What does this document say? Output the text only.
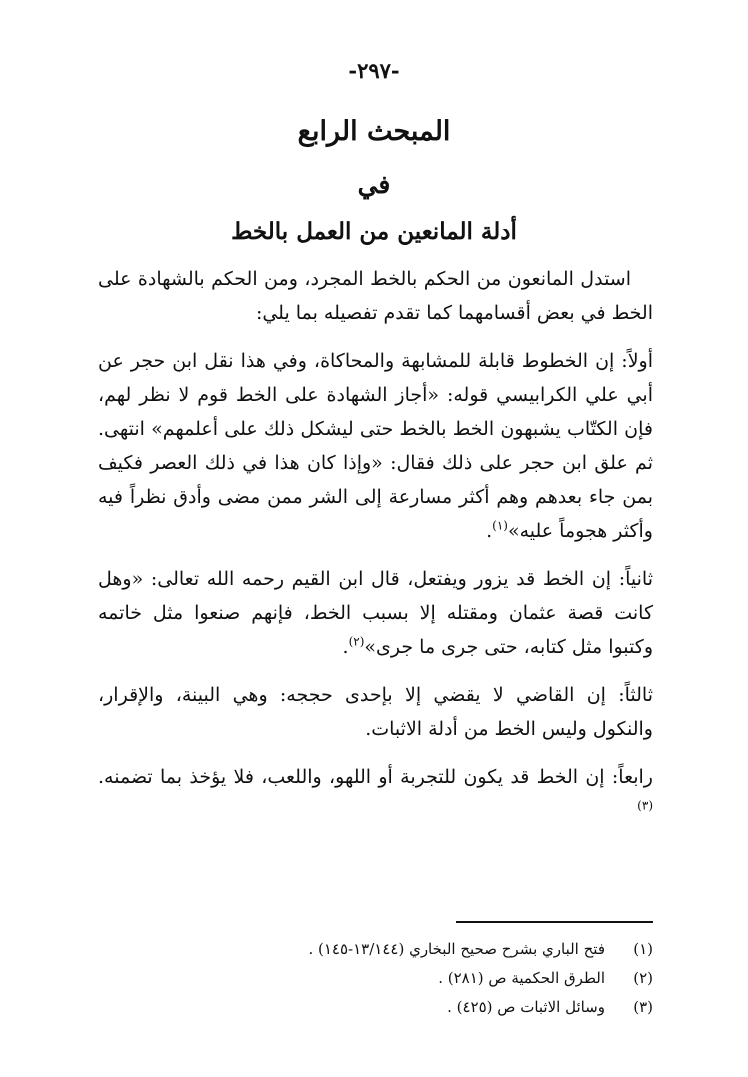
-٢٩٧-
المبحث الرابع
في
أدلة المانعين من العمل بالخط

استدل المانعون من الحكم بالخط المجرد، ومن الحكم بالشهادة على الخط في بعض أقسامهما كما تقدم تفصيله بما يلي:

أولاً: إن الخطوط قابلة للمشابهة والمحاكاة، وفي هذا نقل ابن حجر عن أبي علي الكرابيسي قوله: «أجاز الشهادة على الخط قوم لا نظر لهم، فإن الكتّاب يشبهون الخط بالخط حتى ليشكل ذلك على أعلمهم» انتهى. ثم علق ابن حجر على ذلك فقال: «وإذا كان هذا في ذلك العصر فكيف بمن جاء بعدهم وهم أكثر مسارعة إلى الشر ممن مضى وأدق نظراً فيه وأكثر هجوماً عليه»$^{(١)}$.

ثانياً: إن الخط قد يزور ويفتعل، قال ابن القيم رحمه الله تعالى: «وهل كانت قصة عثمان ومقتله إلا بسبب الخط، فإنهم صنعوا مثل خاتمه وكتبوا مثل كتابه، حتى جرى ما جرى»$^{(٢)}$.

ثالثاً: إن القاضي لا يقضي إلا بإحدى حججه: وهي البينة، والإقرار، والنكول وليس الخط من أدلة الاثبات.

رابعاً: إن الخط قد يكون للتجربة أو اللهو، واللعب، فلا يؤخذ بما تضمنه.$^{(٣)}$

(١)فتح الباري بشرح صحيح البخاري (١٣/١٤٤-١٤٥) .
(٢)الطرق الحكمية ص (٢٨١) .
(٣)وسائل الاثبات ص (٤٢٥) .
